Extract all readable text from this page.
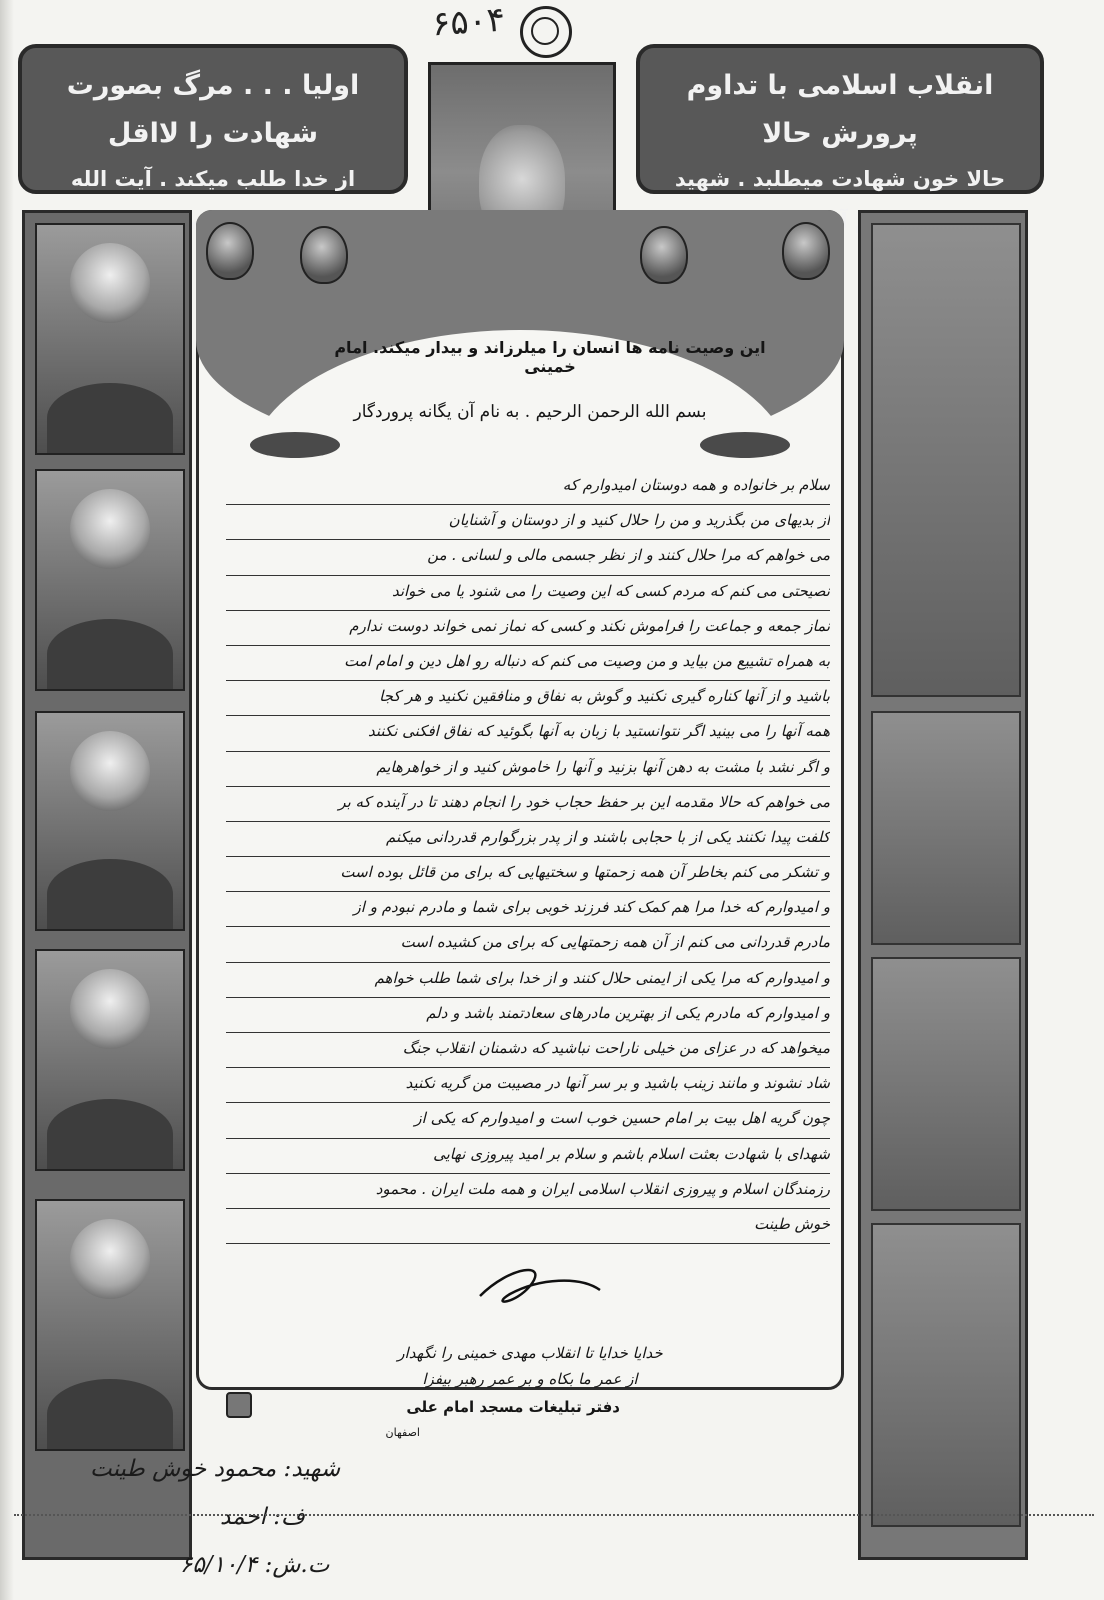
۶۵۰۴
اولیا . . . مرگ بصورت شهادت را لااقل
از خدا طلب میکند . آیت الله
انقلاب اسلامی با تداوم پرورش حالا
حالا خون شهادت میطلبد . شهید
این وصیت نامه ها انسان را میلرزاند و بیدار میکند. امام خمینی
بسم الله الرحمن الرحیم . به نام آن یگانه پروردگار
سلام بر خانواده و همه دوستان امیدوارم که
از بدیهای من بگذرید و من را حلال کنید و از دوستان و آشنایان
می خواهم که مرا حلال کنند و از نظر جسمی مالی و لسانی . من
نصیحتی می کنم که مردم کسی که این وصیت را می شنود یا می خواند
نماز جمعه و جماعت را فراموش نکند و کسی که نماز نمی خواند دوست ندارم
به همراه تشییع من بیاید و من وصیت می کنم که دنباله رو اهل دین و امام امت
باشید و از آنها کناره گیری نکنید و گوش به نفاق و منافقین نکنید و هر کجا
همه آنها را می بینید اگر نتوانستید با زبان به آنها بگوئید که نفاق افکنی نکنند
و اگر نشد با مشت به دهن آنها بزنید و آنها را خاموش کنید و از خواهرهایم
می خواهم که حالا مقدمه این بر حفظ حجاب خود را انجام دهند تا در آینده که بر
کلفت پیدا نکنند یکی از با حجابی باشند و از پدر بزرگوارم قدردانی میکنم
و تشکر می کنم بخاطر آن همه زحمتها و سختیهایی که برای من قائل بوده است
و امیدوارم که خدا مرا هم کمک کند فرزند خوبی برای شما و مادرم نبودم و از
مادرم قدردانی می کنم از آن همه زحمتهایی که برای من کشیده است
و امیدوارم که مرا یکی از ایمنی حلال کنند و از خدا برای شما طلب خواهم
و امیدوارم که مادرم یکی از بهترین مادرهای سعادتمند باشد و دلم
میخواهد که در عزای من خیلی ناراحت نباشید که دشمنان انقلاب جنگ
شاد نشوند و مانند زینب باشید و بر سر آنها در مصیبت من گریه نکنید
چون گریه اهل بیت بر امام حسین خوب است و امیدوارم که یکی از
شهدای با شهادت بعثت اسلام باشم و سلام بر امید پیروزی نهایی
رزمندگان اسلام و پیروزی انقلاب اسلامی ایران و همه ملت ایران . محمود
خوش طینت
خدایا خدایا تا انقلاب مهدی خمینی را نگهدار
از عمر ما بکاه و بر عمر رهبر بیفزا
دفتر تبلیغات مسجد امام علی
اصفهان
شهید: محمود خوش طینت
ف: احمد
ت.ش: ۶۵/۱۰/۴
